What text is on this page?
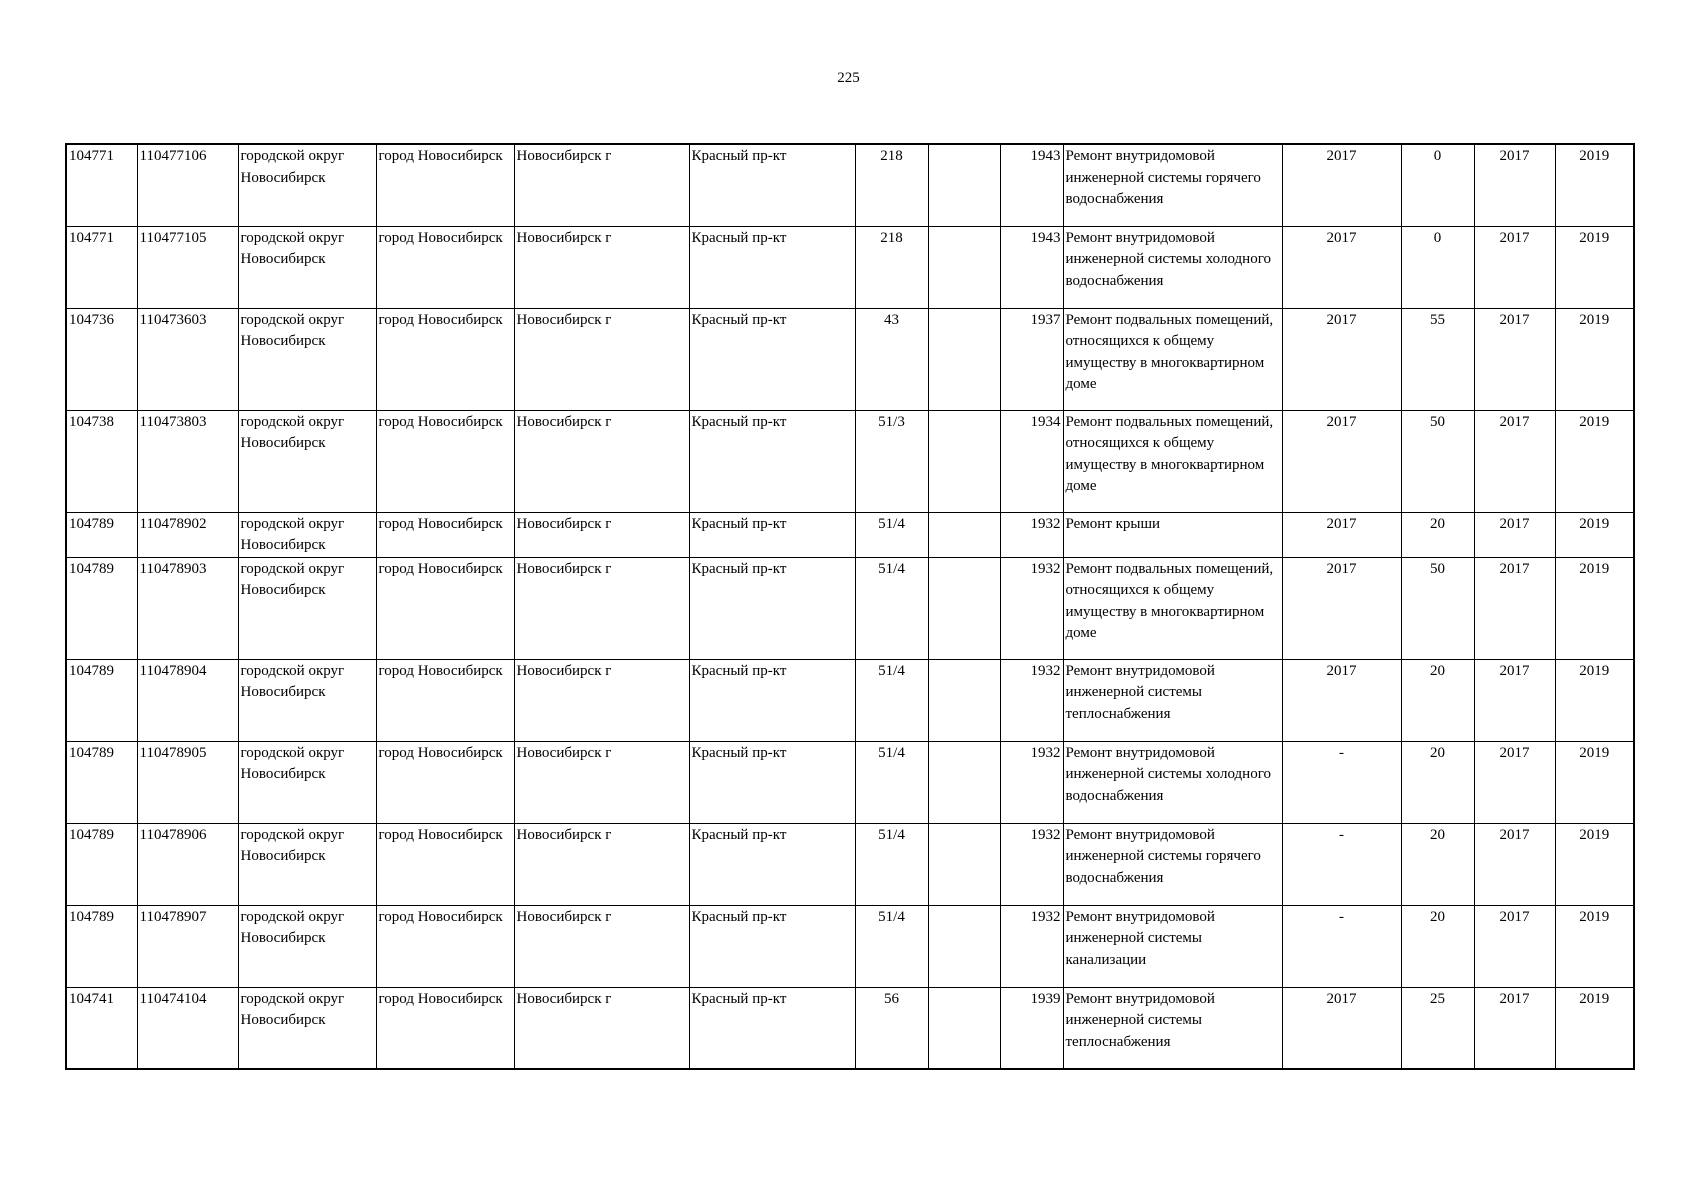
225
104771	110477106	городской округ Новосибирск	город Новосибирск	Новосибирск г	Красный пр-кт	218		1943	Ремонт внутридомовой инженерной системы горячего водоснабжения	2017	0	2017	2019
104771	110477105	городской округ Новосибирск	город Новосибирск	Новосибирск г	Красный пр-кт	218		1943	Ремонт внутридомовой инженерной системы холодного водоснабжения	2017	0	2017	2019
104736	110473603	городской округ Новосибирск	город Новосибирск	Новосибирск г	Красный пр-кт	43		1937	Ремонт подвальных помещений, относящихся к общему имуществу в многоквартирном доме	2017	55	2017	2019
104738	110473803	городской округ Новосибирск	город Новосибирск	Новосибирск г	Красный пр-кт	51/3		1934	Ремонт подвальных помещений, относящихся к общему имуществу в многоквартирном доме	2017	50	2017	2019
104789	110478902	городской округ Новосибирск	город Новосибирск	Новосибирск г	Красный пр-кт	51/4		1932	Ремонт крыши	2017	20	2017	2019
104789	110478903	городской округ Новосибирск	город Новосибирск	Новосибирск г	Красный пр-кт	51/4		1932	Ремонт подвальных помещений, относящихся к общему имуществу в многоквартирном доме	2017	50	2017	2019
104789	110478904	городской округ Новосибирск	город Новосибирск	Новосибирск г	Красный пр-кт	51/4		1932	Ремонт внутридомовой инженерной системы теплоснабжения	2017	20	2017	2019
104789	110478905	городской округ Новосибирск	город Новосибирск	Новосибирск г	Красный пр-кт	51/4		1932	Ремонт внутридомовой инженерной системы холодного водоснабжения	-	20	2017	2019
104789	110478906	городской округ Новосибирск	город Новосибирск	Новосибирск г	Красный пр-кт	51/4		1932	Ремонт внутридомовой инженерной системы горячего водоснабжения	-	20	2017	2019
104789	110478907	городской округ Новосибирск	город Новосибирск	Новосибирск г	Красный пр-кт	51/4		1932	Ремонт внутридомовой инженерной системы канализации	-	20	2017	2019
104741	110474104	городской округ Новосибирск	город Новосибирск	Новосибирск г	Красный пр-кт	56		1939	Ремонт внутридомовой инженерной системы теплоснабжения	2017	25	2017	2019
